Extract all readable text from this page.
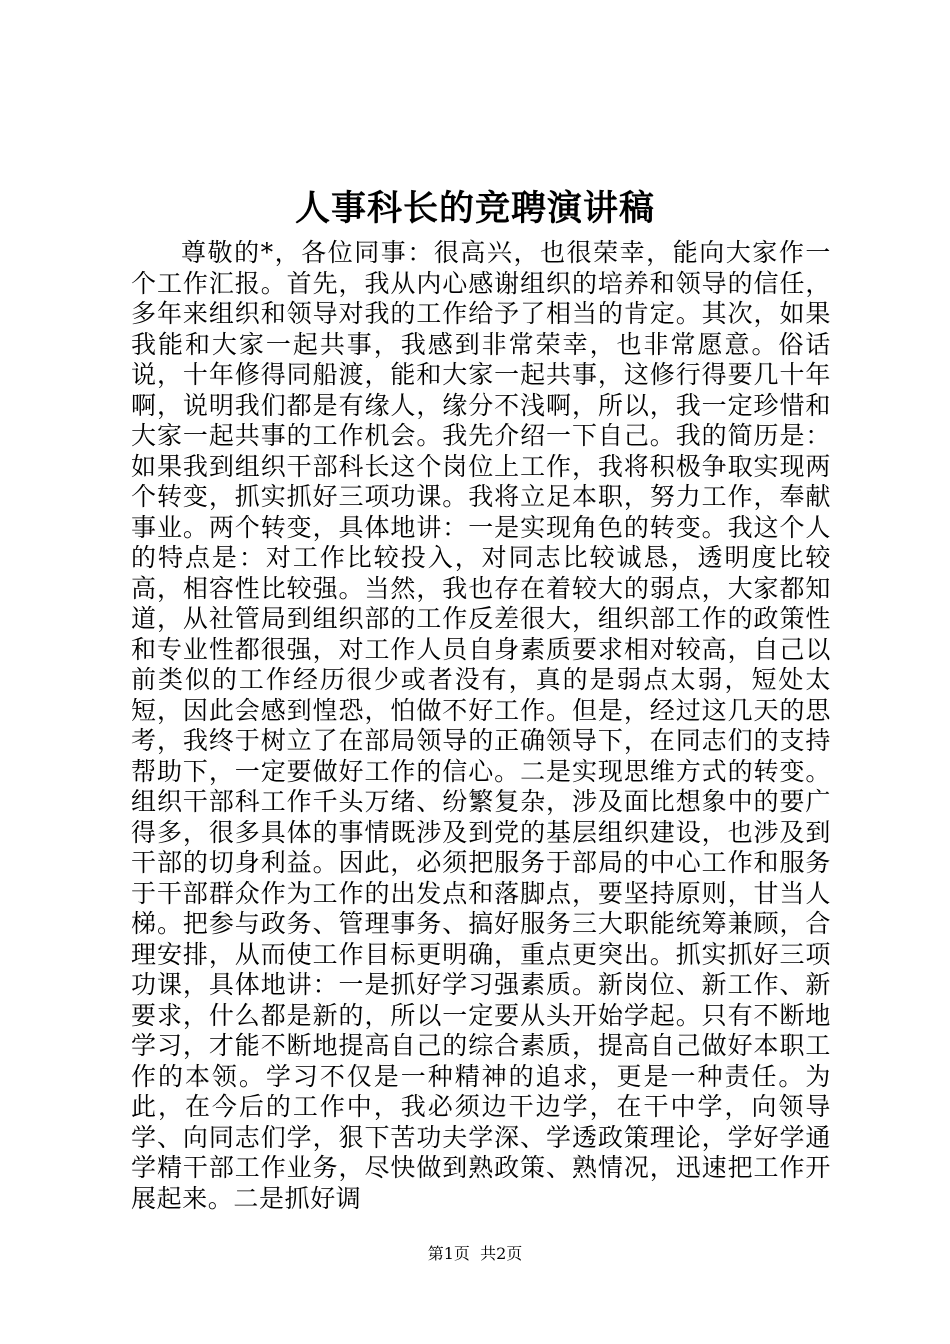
人事科长的竞聘演讲稿

尊敬的*，各位同事：很高兴，也很荣幸，能向大家作一个工作汇报。首先，我从内心感谢组织的培养和领导的信任，多年来组织和领导对我的工作给予了相当的肯定。其次，如果我能和大家一起共事，我感到非常荣幸，也非常愿意。俗话说，十年修得同船渡，能和大家一起共事，这修行得要几十年啊，说明我们都是有缘人，缘分不浅啊，所以，我一定珍惜和大家一起共事的工作机会。我先介绍一下自己。我的简历是：如果我到组织干部科长这个岗位上工作，我将积极争取实现两个转变，抓实抓好三项功课。我将立足本职，努力工作，奉献事业。两个转变，具体地讲：一是实现角色的转变。我这个人的特点是：对工作比较投入，对同志比较诚恳，透明度比较高，相容性比较强。当然，我也存在着较大的弱点，大家都知道，从社管局到组织部的工作反差很大，组织部工作的政策性和专业性都很强，对工作人员自身素质要求相对较高，自己以前类似的工作经历很少或者没有，真的是弱点太弱，短处太短，因此会感到惶恐，怕做不好工作。但是，经过这几天的思考，我终于树立了在部局领导的正确领导下，在同志们的支持帮助下，一定要做好工作的信心。二是实现思维方式的转变。组织干部科工作千头万绪、纷繁复杂，涉及面比想象中的要广得多，很多具体的事情既涉及到党的基层组织建设，也涉及到干部的切身利益。因此，必须把服务于部局的中心工作和服务于干部群众作为工作的出发点和落脚点，要坚持原则，甘当人梯。把参与政务、管理事务、搞好服务三大职能统筹兼顾，合理安排，从而使工作目标更明确，重点更突出。抓实抓好三项功课，具体地讲：一是抓好学习强素质。新岗位、新工作、新要求，什么都是新的，所以一定要从头开始学起。只有不断地学习，才能不断地提高自己的综合素质，提高自己做好本职工作的本领。学习不仅是一种精神的追求，更是一种责任。为此，在今后的工作中，我必须边干边学，在干中学，向领导学、向同志们学，狠下苦功夫学深、学透政策理论，学好学通学精干部工作业务，尽快做到熟政策、熟情况，迅速把工作开展起来。二是抓好调

第1页 共2页
